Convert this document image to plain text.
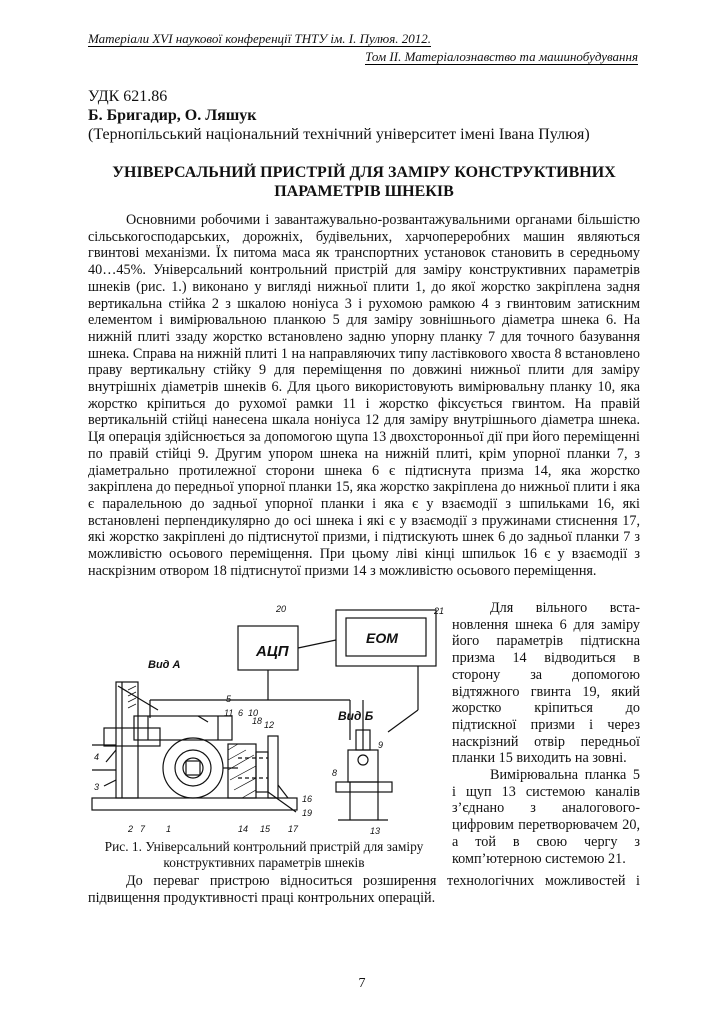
Матеріали XVI наукової конференції ТНТУ ім. І. Пулюя. 2012.
Том ІІ. Матеріалознавство та машинобудування
УДК 621.86
Б. Бригадир, О. Ляшук
(Тернопільський національний технічний університет імені Івана Пулюя)
УНІВЕРСАЛЬНИЙ ПРИСТРІЙ ДЛЯ ЗАМІРУ КОНСТРУКТИВНИХ ПАРАМЕТРІВ ШНЕКІВ

Основними робочими і завантажувально-розвантажувальними органами більшістю сільськогосподарських, дорожніх, будівельних, харчопереробних машин являються гвинтові механізми. Їх питома маса як транспортних установок становить в середньому 40…45%. Універсальний контрольний пристрій для заміру конструктивних параметрів шнеків (рис. 1.) виконано у вигляді нижньої плити 1, до якої жорстко закріплена задня вертикальна стійка 2 з шкалою ноніуса 3 і рухомою рамкою 4 з гвинтовим затискним елементом і вимірювальною планкою 5 для заміру зовнішнього діаметра шнека 6. На нижній плиті ззаду жорстко встановлено задню упорну планку 7 для точного базування шнека. Справа на нижній плиті 1 на направляючих типу ластівкового хвоста 8 встановлено праву вертикальну стійку 9 для переміщення по довжині нижньої плити для заміру внутрішніх діаметрів шнеків 6. Для цього використовують вимірювальну планку 10, яка жорстко кріпиться до рухомої рамки 11 і жорстко фіксується гвинтом. На правій вертикальній стійці нанесена шкала ноніуса 12 для заміру внутрішнього діаметра шнека. Ця операція здійснюється за допомогою щупа 13 двохсторонньої дії при його переміщенні по правій стійці 9. Другим упором шнека на нижній плиті, крім упорної планки 7, з діаметрально протилежної сторони шнека 6 є підтиснута призма 14, яка жорстко закріплена до передньої упорної планки 15, яка жорстко закріплена до нижньої плити і яка є паралельною до задньої упорної планки і яка є у взаємодії з шпильками 16, які встановлені перпендикулярно до осі шнека і які є у взаємодії з пружинами стиснення 17, які жорстко закріплені до підтиснутої призми, і підтискують шнек 6 до задньої планки 7 з можливістю осьового переміщення. При цьому ліві кінці шпильок 16 є у взаємодії з наскрізним отвором 18 підтиснутої призми 14 з можливістю осьового переміщення.

АЦП
ЕОМ
Вид А
Вид Б
20	21
5
11 6 10
18 12
4
3
16
19
2 7 1	14 15 17
8
9
13
Рис. 1. Універсальний контрольний пристрій для заміру конструктивних параметрів шнеків

Для вільного вста-новлення шнека 6 для заміру його параметрів підтискна призма 14 відводиться в сторону за допомогою відтяжного гвинта 19, який жорстко кріпиться до підтискної призми і через наскрізний отвір передньої планки 15 виходить на зовні.

Вимірювальна планка 5 і щуп 13 системою каналів з’єднано з аналогового-цифровим перетворювачем 20, а той в свою чергу з комп’ютерною системою 21.

До переваг пристрою відноситься розширення технологічних можливостей і підвищення продуктивності праці контрольних операцій.

7
